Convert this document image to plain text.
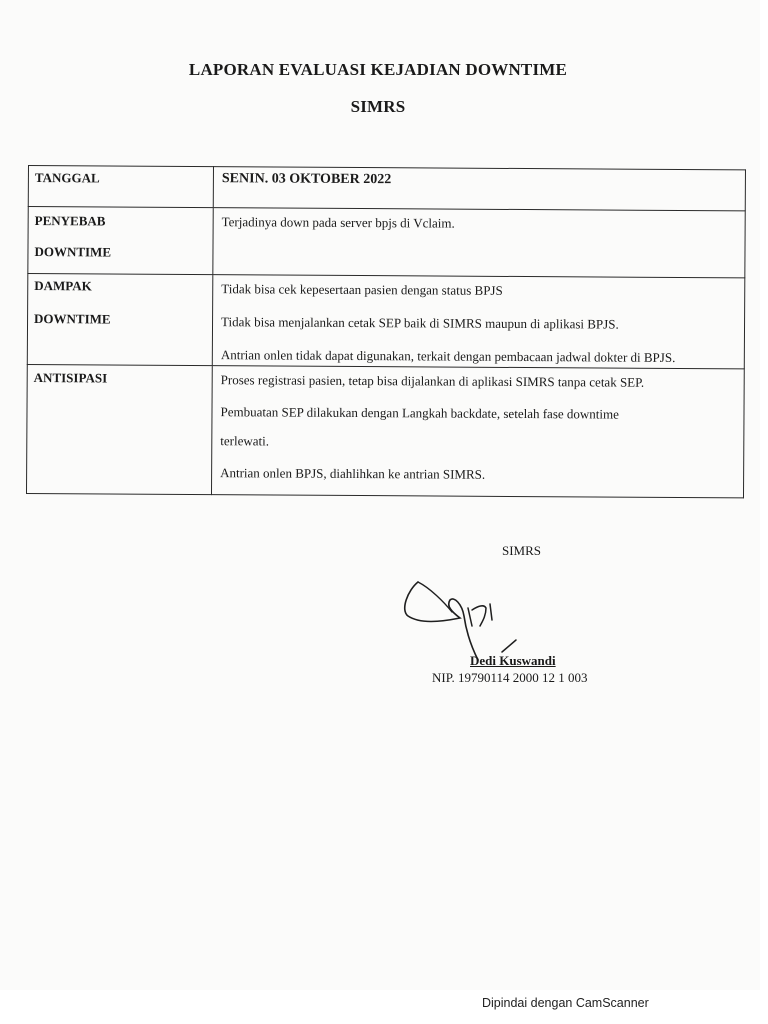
LAPORAN EVALUASI KEJADIAN DOWNTIME
SIMRS
TANGGAL	SENIN. 03 OKTOBER 2022

PENYEBAB
DOWNTIME	Terjadinya down pada server bpjs di Vclaim.

DAMPAK
DOWNTIME	Tidak bisa cek kepesertaan pasien dengan status BPJS
Tidak bisa menjalankan cetak SEP baik di SIMRS maupun di aplikasi BPJS.
Antrian onlen tidak dapat digunakan, terkait dengan pembacaan jadwal dokter di BPJS.

ANTISIPASI	Proses registrasi pasien, tetap bisa dijalankan di aplikasi SIMRS tanpa cetak SEP.
Pembuatan SEP dilakukan dengan Langkah backdate, setelah fase downtime
terlewati.
Antrian onlen BPJS, diahlihkan ke antrian SIMRS.
SIMRS
Dedi Kuswandi
NIP. 19790114 2000 12 1 003
Dipindai dengan CamScanner
